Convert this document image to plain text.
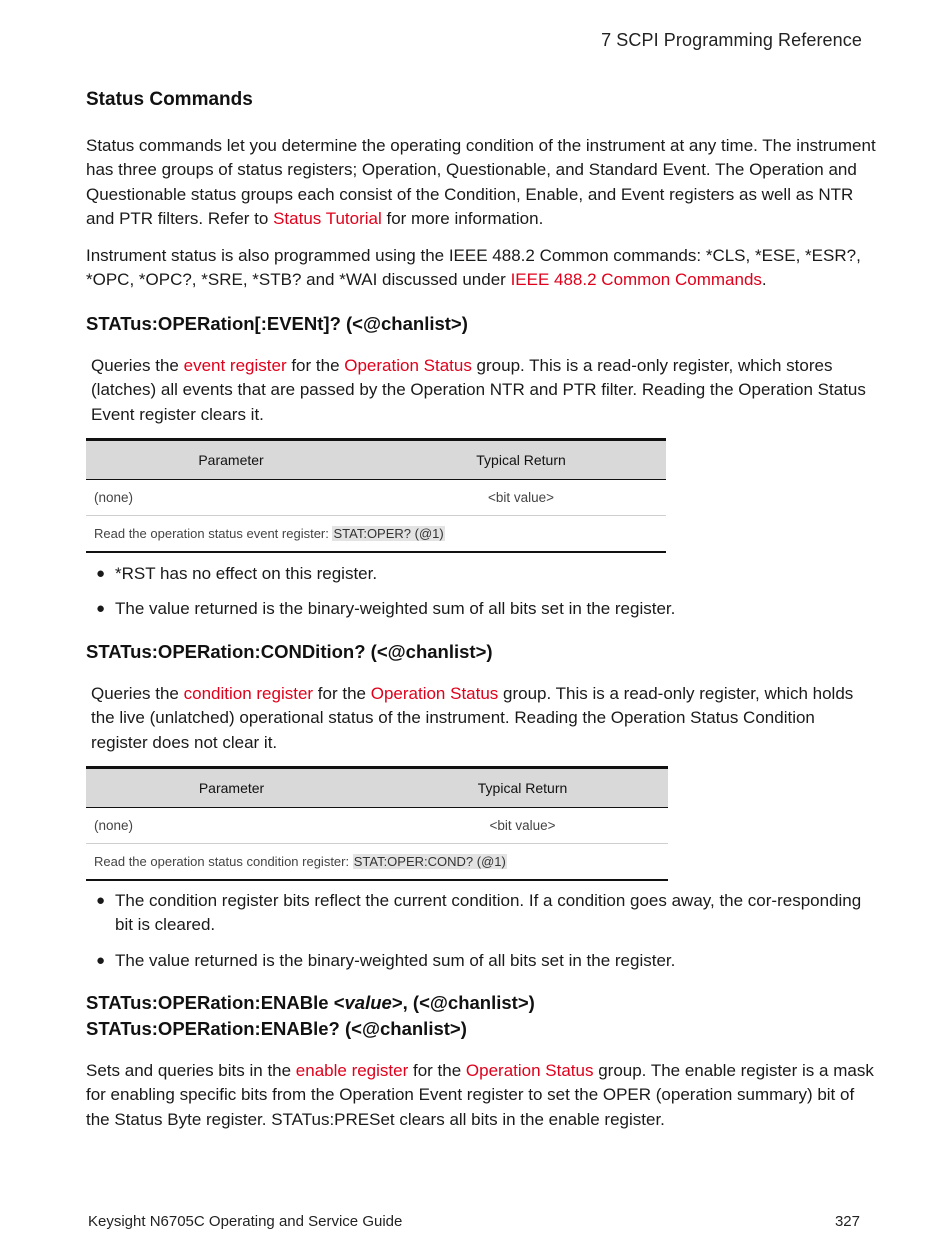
7 SCPI Programming Reference
Status Commands

Status commands let you determine the operating condition of the instrument at any time. The instrument has three groups of status registers; Operation, Questionable, and Standard Event. The Operation and Questionable status groups each consist of the Condition, Enable, and Event registers as well as NTR and PTR filters. Refer to Status Tutorial for more information.

Instrument status is also programmed using the IEEE 488.2 Common commands: *CLS, *ESE, *ESR?, *OPC, *OPC?, *SRE, *STB? and *WAI discussed under IEEE 488.2 Common Commands.

STATus:OPERation[:EVENt]? (<@chanlist>)

Queries the event register for the Operation Status group. This is a read-only register, which stores (latches) all events that are passed by the Operation NTR and PTR filter. Reading the Operation Status Event register clears it.

Parameter	Typical Return
(none)	<bit value>
Read the operation status event register: STAT:OPER? (@1)	
● *RST has no effect on this register.
● The value returned is the binary-weighted sum of all bits set in the register.
STATus:OPERation:CONDition? (<@chanlist>)

Queries the condition register for the Operation Status group. This is a read-only register, which holds the live (unlatched) operational status of the instrument. Reading the Operation Status Condition register does not clear it.

Parameter	Typical Return
(none)	<bit value>
Read the operation status condition register: STAT:OPER:COND? (@1)	
● The condition register bits reflect the current condition. If a condition goes away, the cor-responding bit is cleared.
● The value returned is the binary-weighted sum of all bits set in the register.
STATus:OPERation:ENABle <value>, (<@chanlist>)
STATus:OPERation:ENABle? (<@chanlist>)

Sets and queries bits in the enable register for the Operation Status group. The enable register is a mask for enabling specific bits from the Operation Event register to set the OPER (operation summary) bit of the Status Byte register. STATus:PRESet clears all bits in the enable register.

Keysight N6705C Operating and Service Guide	327
